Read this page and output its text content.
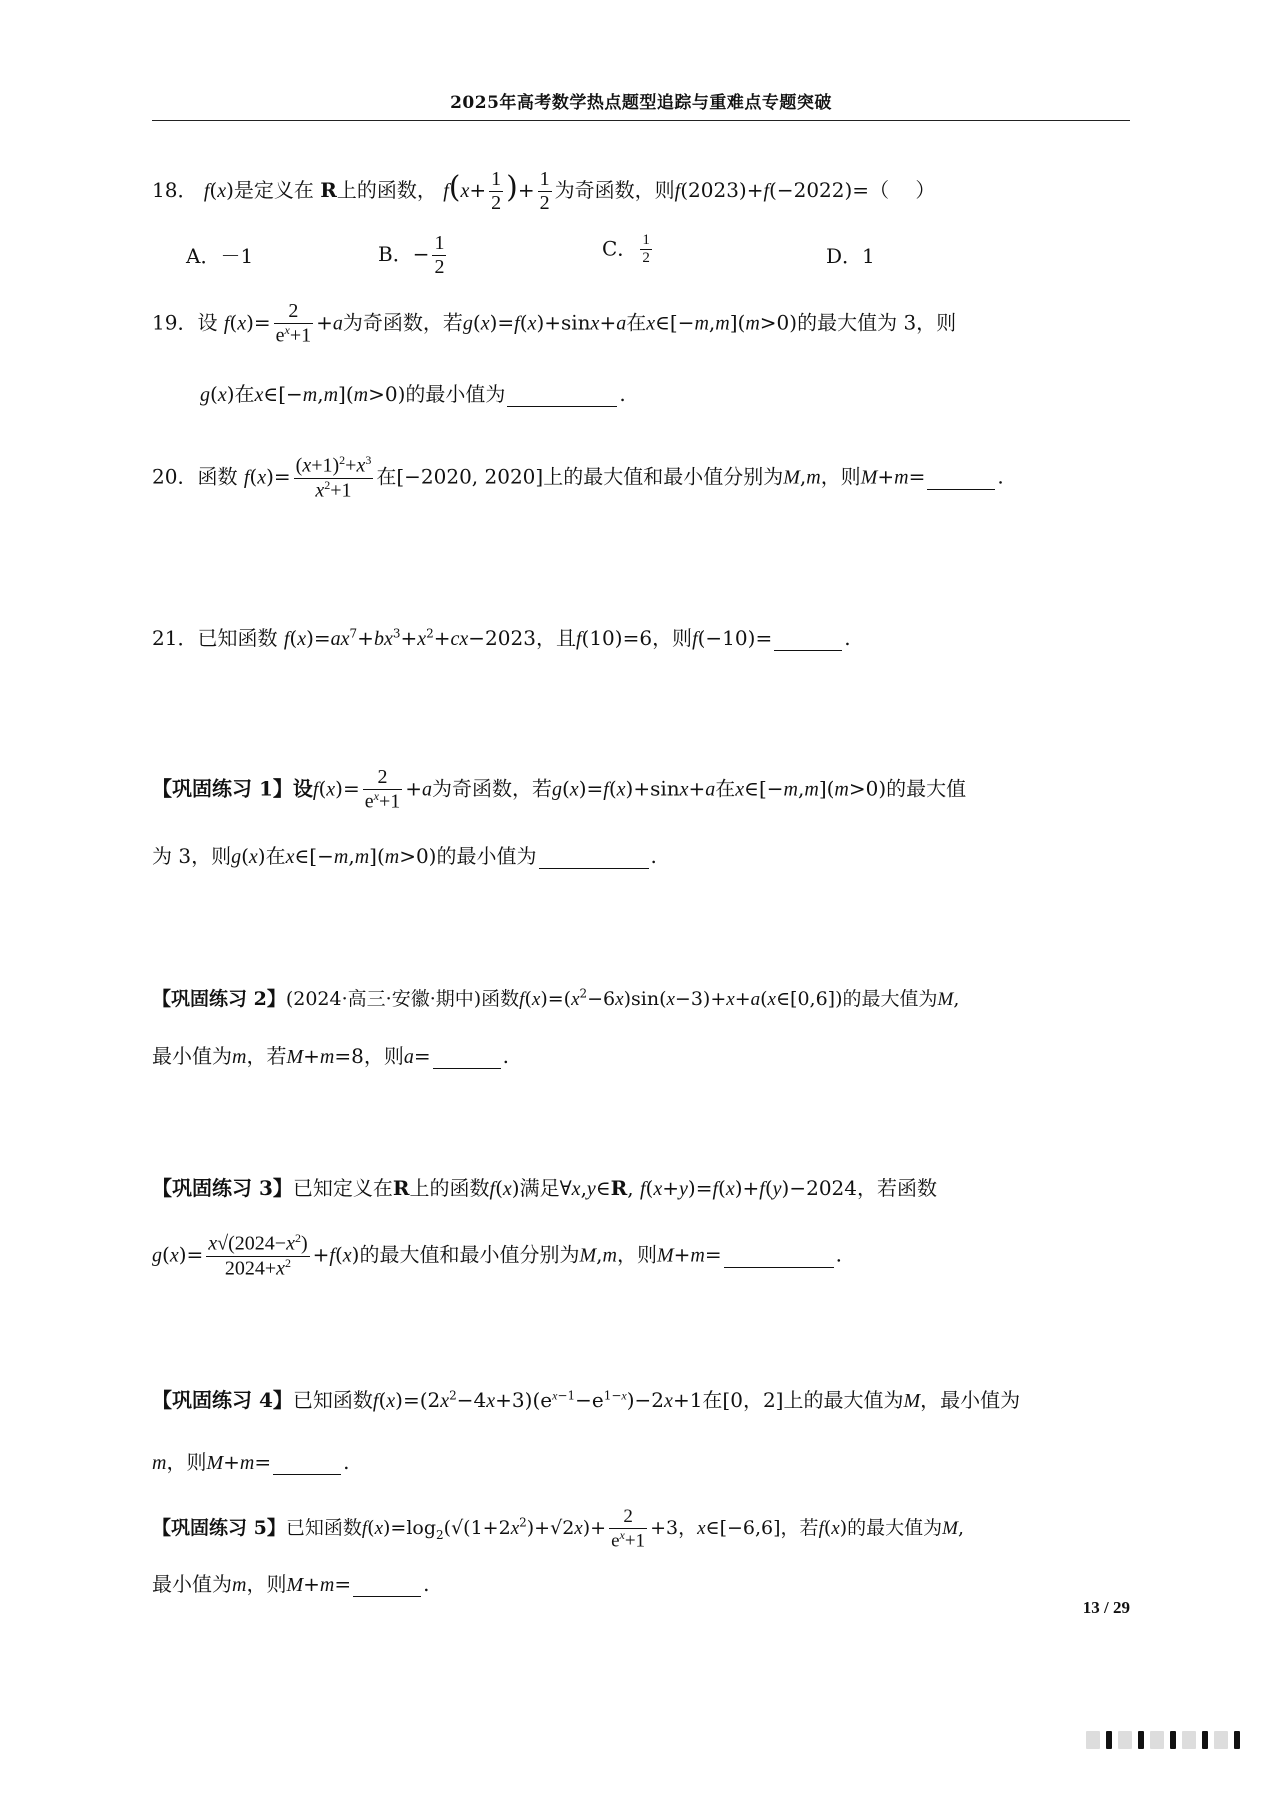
2025年高考数学热点题型追踪与重难点专题突破
18． f(x)是定义在 R上的函数， $f(x+ \frac{1}{2}$ )+ $\frac{1}{2}$ 为奇函数，则f(2023)+f(−2022)=（　 ）
A．－1	B．− $\frac{1}{2}$	C． $\frac{1}{2}$	D．1
19．设 $f(x)= \frac{2}{e^x+1} +a$为奇函数，若g(x)=f(x)+sinx+a在x∈[−m,m](m>0)的最大值为 3，则
g(x)在x∈[−m,m](m>0)的最小值为	.
20．函数 $f(x)= \frac{(x+1)^2+x^3}{x^2+1}$ 在[−2020, 2020]上的最大值和最小值分别为M,m，则M+m=	.
21．已知函数 $f(x)=ax^7+bx^3+x^2+cx-2023$，且f(10)=6，则f(−10)=	.
【巩固练习 1】设$f(x)= \frac{2}{e^x+1} +a$为奇函数，若g(x)=f(x)+sinx+a在x∈[−m,m](m>0)的最大值
为 3，则g(x)在x∈[−m,m](m>0)的最小值为	.
【巩固练习 2】(2024·高三·安徽·期中)函数$f(x)=(x^2-6x)\sin(x-3)+x+a(x\in[0,6])$的最大值为M,
最小值为m，若M+m=8，则a=	.
【巩固练习 3】已知定义在R上的函数f(x)满足∀x,y∈R, f(x+y)=f(x)+f(y)−2024，若函数
$g(x)= \frac{x√(2024-x^2)}{2024+x^2} +f(x)$的最大值和最小值分别为M,m，则M+m=	.
【巩固练习 4】已知函数$f(x)=(2x^2-4x+3)(e^{x-1}-e^{1-x})-2x+1$在[0，2]上的最大值为M，最小值为
m，则M+m=	.
【巩固练习 5】已知函数$f(x)=\log_2(√(1+2x^2)+√2x)+ \frac{2}{e^x+1} +3$，x∈[−6,6]，若f(x)的最大值为M,
最小值为m，则M+m=	.
13 / 29
